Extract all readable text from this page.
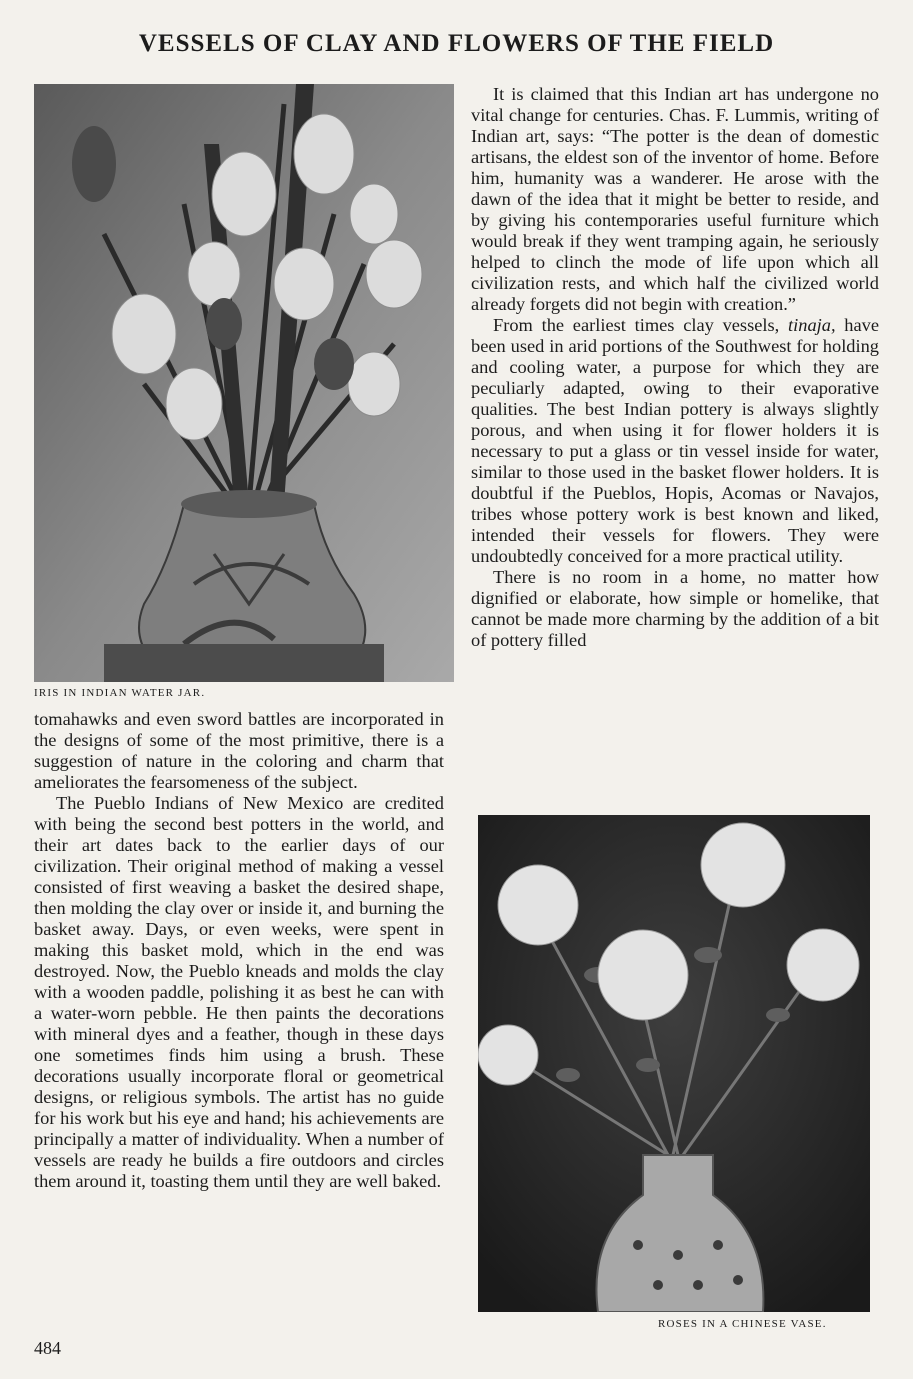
VESSELS OF CLAY AND FLOWERS OF THE FIELD
IRIS IN INDIAN WATER JAR.
ROSES IN A CHINESE VASE.

tomahawks and even sword battles are incorporated in the designs of some of the most primitive, there is a suggestion of nature in the coloring and charm that ameliorates the fearsomeness of the subject.

The Pueblo Indians of New Mexico are credited with being the second best potters in the world, and their art dates back to the earlier days of our civilization. Their original method of making a vessel consisted of first weaving a basket the desired shape, then molding the clay over or inside it, and burning the basket away. Days, or even weeks, were spent in making this basket mold, which in the end was destroyed. Now, the Pueblo kneads and molds the clay with a wooden paddle, polishing it as best he can with a water-worn pebble. He then paints the decorations with mineral dyes and a feather, though in these days one sometimes finds him using a brush. These decorations usually incorporate floral or geometrical designs, or religious symbols. The artist has no guide for his work but his eye and hand; his achievements are principally a matter of individuality. When a number of vessels are ready he builds a fire outdoors and circles them around it, toasting them until they are well baked.

It is claimed that this Indian art has undergone no vital change for centuries. Chas. F. Lummis, writing of Indian art, says: “The potter is the dean of domestic artisans, the eldest son of the inventor of home. Before him, humanity was a wanderer. He arose with the dawn of the idea that it might be better to reside, and by giving his contemporaries useful furniture which would break if they went tramping again, he seriously helped to clinch the mode of life upon which all civilization rests, and which half the civilized world already forgets did not begin with creation.”

From the earliest times clay vessels, tinaja, have been used in arid portions of the Southwest for holding and cooling water, a purpose for which they are peculiarly adapted, owing to their evaporative qualities. The best Indian pottery is always slightly porous, and when using it for flower holders it is necessary to put a glass or tin vessel inside for water, similar to those used in the basket flower holders. It is doubtful if the Pueblos, Hopis, Acomas or Navajos, tribes whose pottery work is best known and liked, intended their vessels for flowers. They were undoubtedly conceived for a more practical utility.

There is no room in a home, no matter how dignified or elaborate, how simple or homelike, that cannot be made more charming by the addition of a bit of pottery filled

484
